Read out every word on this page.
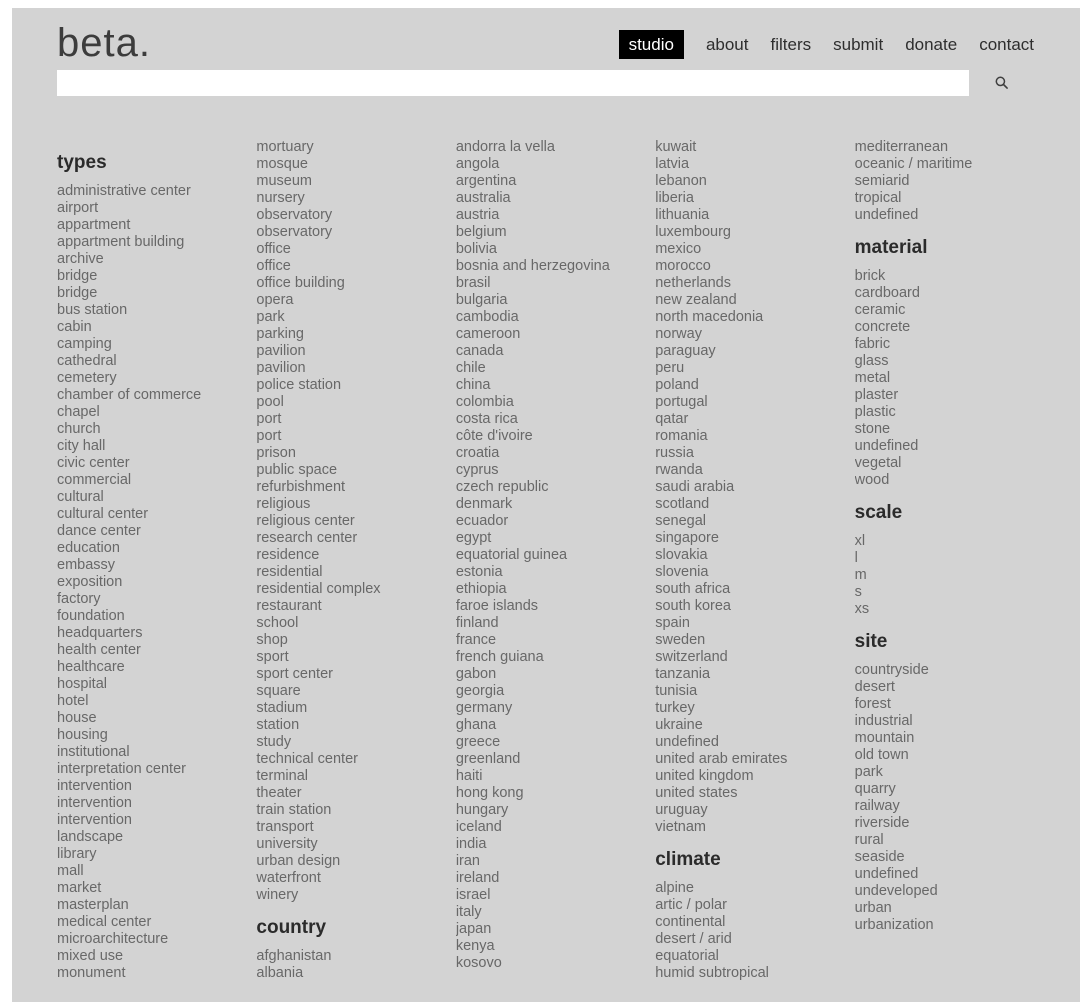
beta.	studio	about filters submit donate contact
types
administrative center
airport
appartment
appartment building
archive
bridge
bridge
bus station
cabin
camping
cathedral
cemetery
chamber of commerce
chapel
church
city hall
civic center
commercial
cultural
cultural center
dance center
education
embassy
exposition
factory
foundation
headquarters
health center
healthcare
hospital
hotel
house
housing
institutional
interpretation center
intervention
intervention
intervention
landscape
library
mall
market
masterplan
medical center
microarchitecture
mixed use
monument
mortuary
mosque
museum
nursery
observatory
observatory
office
office
office building
opera
park
parking
pavilion
pavilion
police station
pool
port
port
prison
public space
refurbishment
religious
religious center
research center
residence
residential
residential complex
restaurant
school
shop
sport
sport center
square
stadium
station
study
technical center
terminal
theater
train station
transport
university
urban design
waterfront
winery
country
afghanistan
albania
andorra la vella
angola
argentina
australia
austria
belgium
bolivia
bosnia and herzegovina
brasil
bulgaria
cambodia
cameroon
canada
chile
china
colombia
costa rica
côte d'ivoire
croatia
cyprus
czech republic
denmark
ecuador
egypt
equatorial guinea
estonia
ethiopia
faroe islands
finland
france
french guiana
gabon
georgia
germany
ghana
greece
greenland
haiti
hong kong
hungary
iceland
india
iran
ireland
israel
italy
japan
kenya
kosovo
kuwait
latvia
lebanon
liberia
lithuania
luxembourg
mexico
morocco
netherlands
new zealand
north macedonia
norway
paraguay
peru
poland
portugal
qatar
romania
russia
rwanda
saudi arabia
scotland
senegal
singapore
slovakia
slovenia
south africa
south korea
spain
sweden
switzerland
tanzania
tunisia
turkey
ukraine
undefined
united arab emirates
united kingdom
united states
uruguay
vietnam
climate
alpine
artic / polar
continental
desert / arid
equatorial
humid subtropical
mediterranean
oceanic / maritime
semiarid
tropical
undefined
material
brick
cardboard
ceramic
concrete
fabric
glass
metal
plaster
plastic
stone
undefined
vegetal
wood
scale
xl
l
m
s
xs
site
countryside
desert
forest
industrial
mountain
old town
park
quarry
railway
riverside
rural
seaside
undefined
undeveloped
urban
urbanization
